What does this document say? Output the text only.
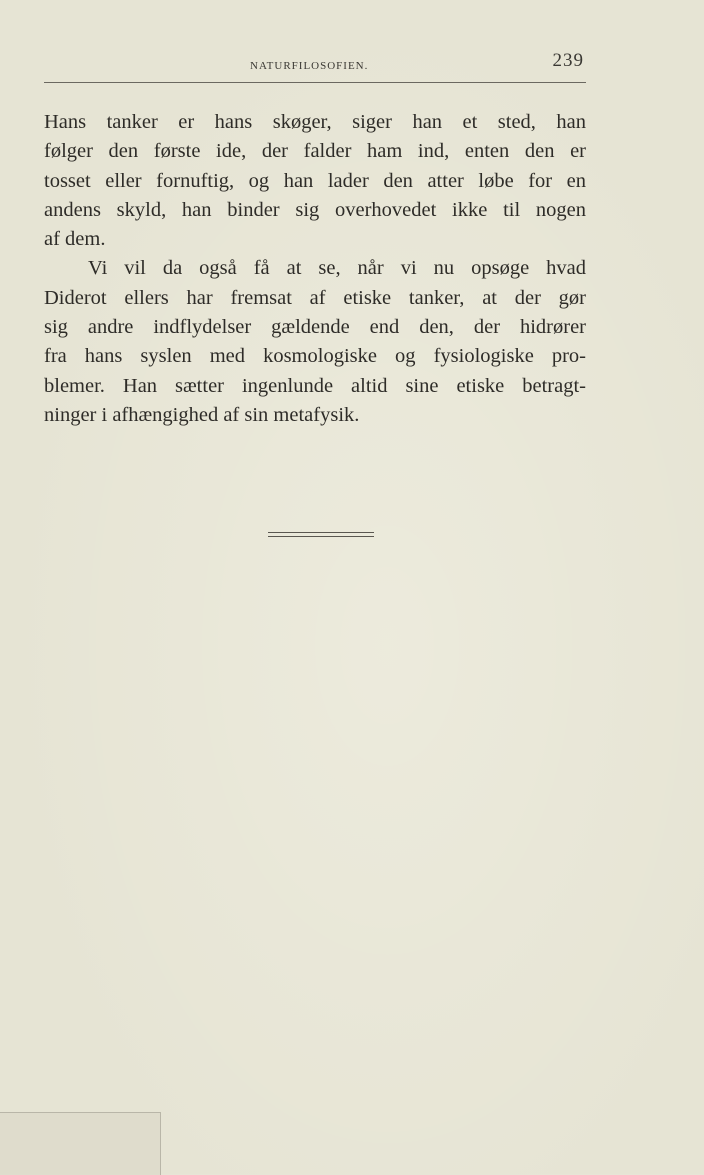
NATURFILOSOFIEN.	239
Hans tanker er hans skøger, siger han et sted, han
følger den første ide, der falder ham ind, enten den er
tosset eller fornuftig, og han lader den atter løbe for en
andens skyld, han binder sig overhovedet ikke til nogen
af dem.
Vi vil da også få at se, når vi nu opsøge hvad
Diderot ellers har fremsat af etiske tanker, at der gør
sig andre indflydelser gældende end den, der hidrører
fra hans syslen med kosmologiske og fysiologiske pro-
blemer. Han sætter ingenlunde altid sine etiske betragt-
ninger i afhængighed af sin metafysik.
